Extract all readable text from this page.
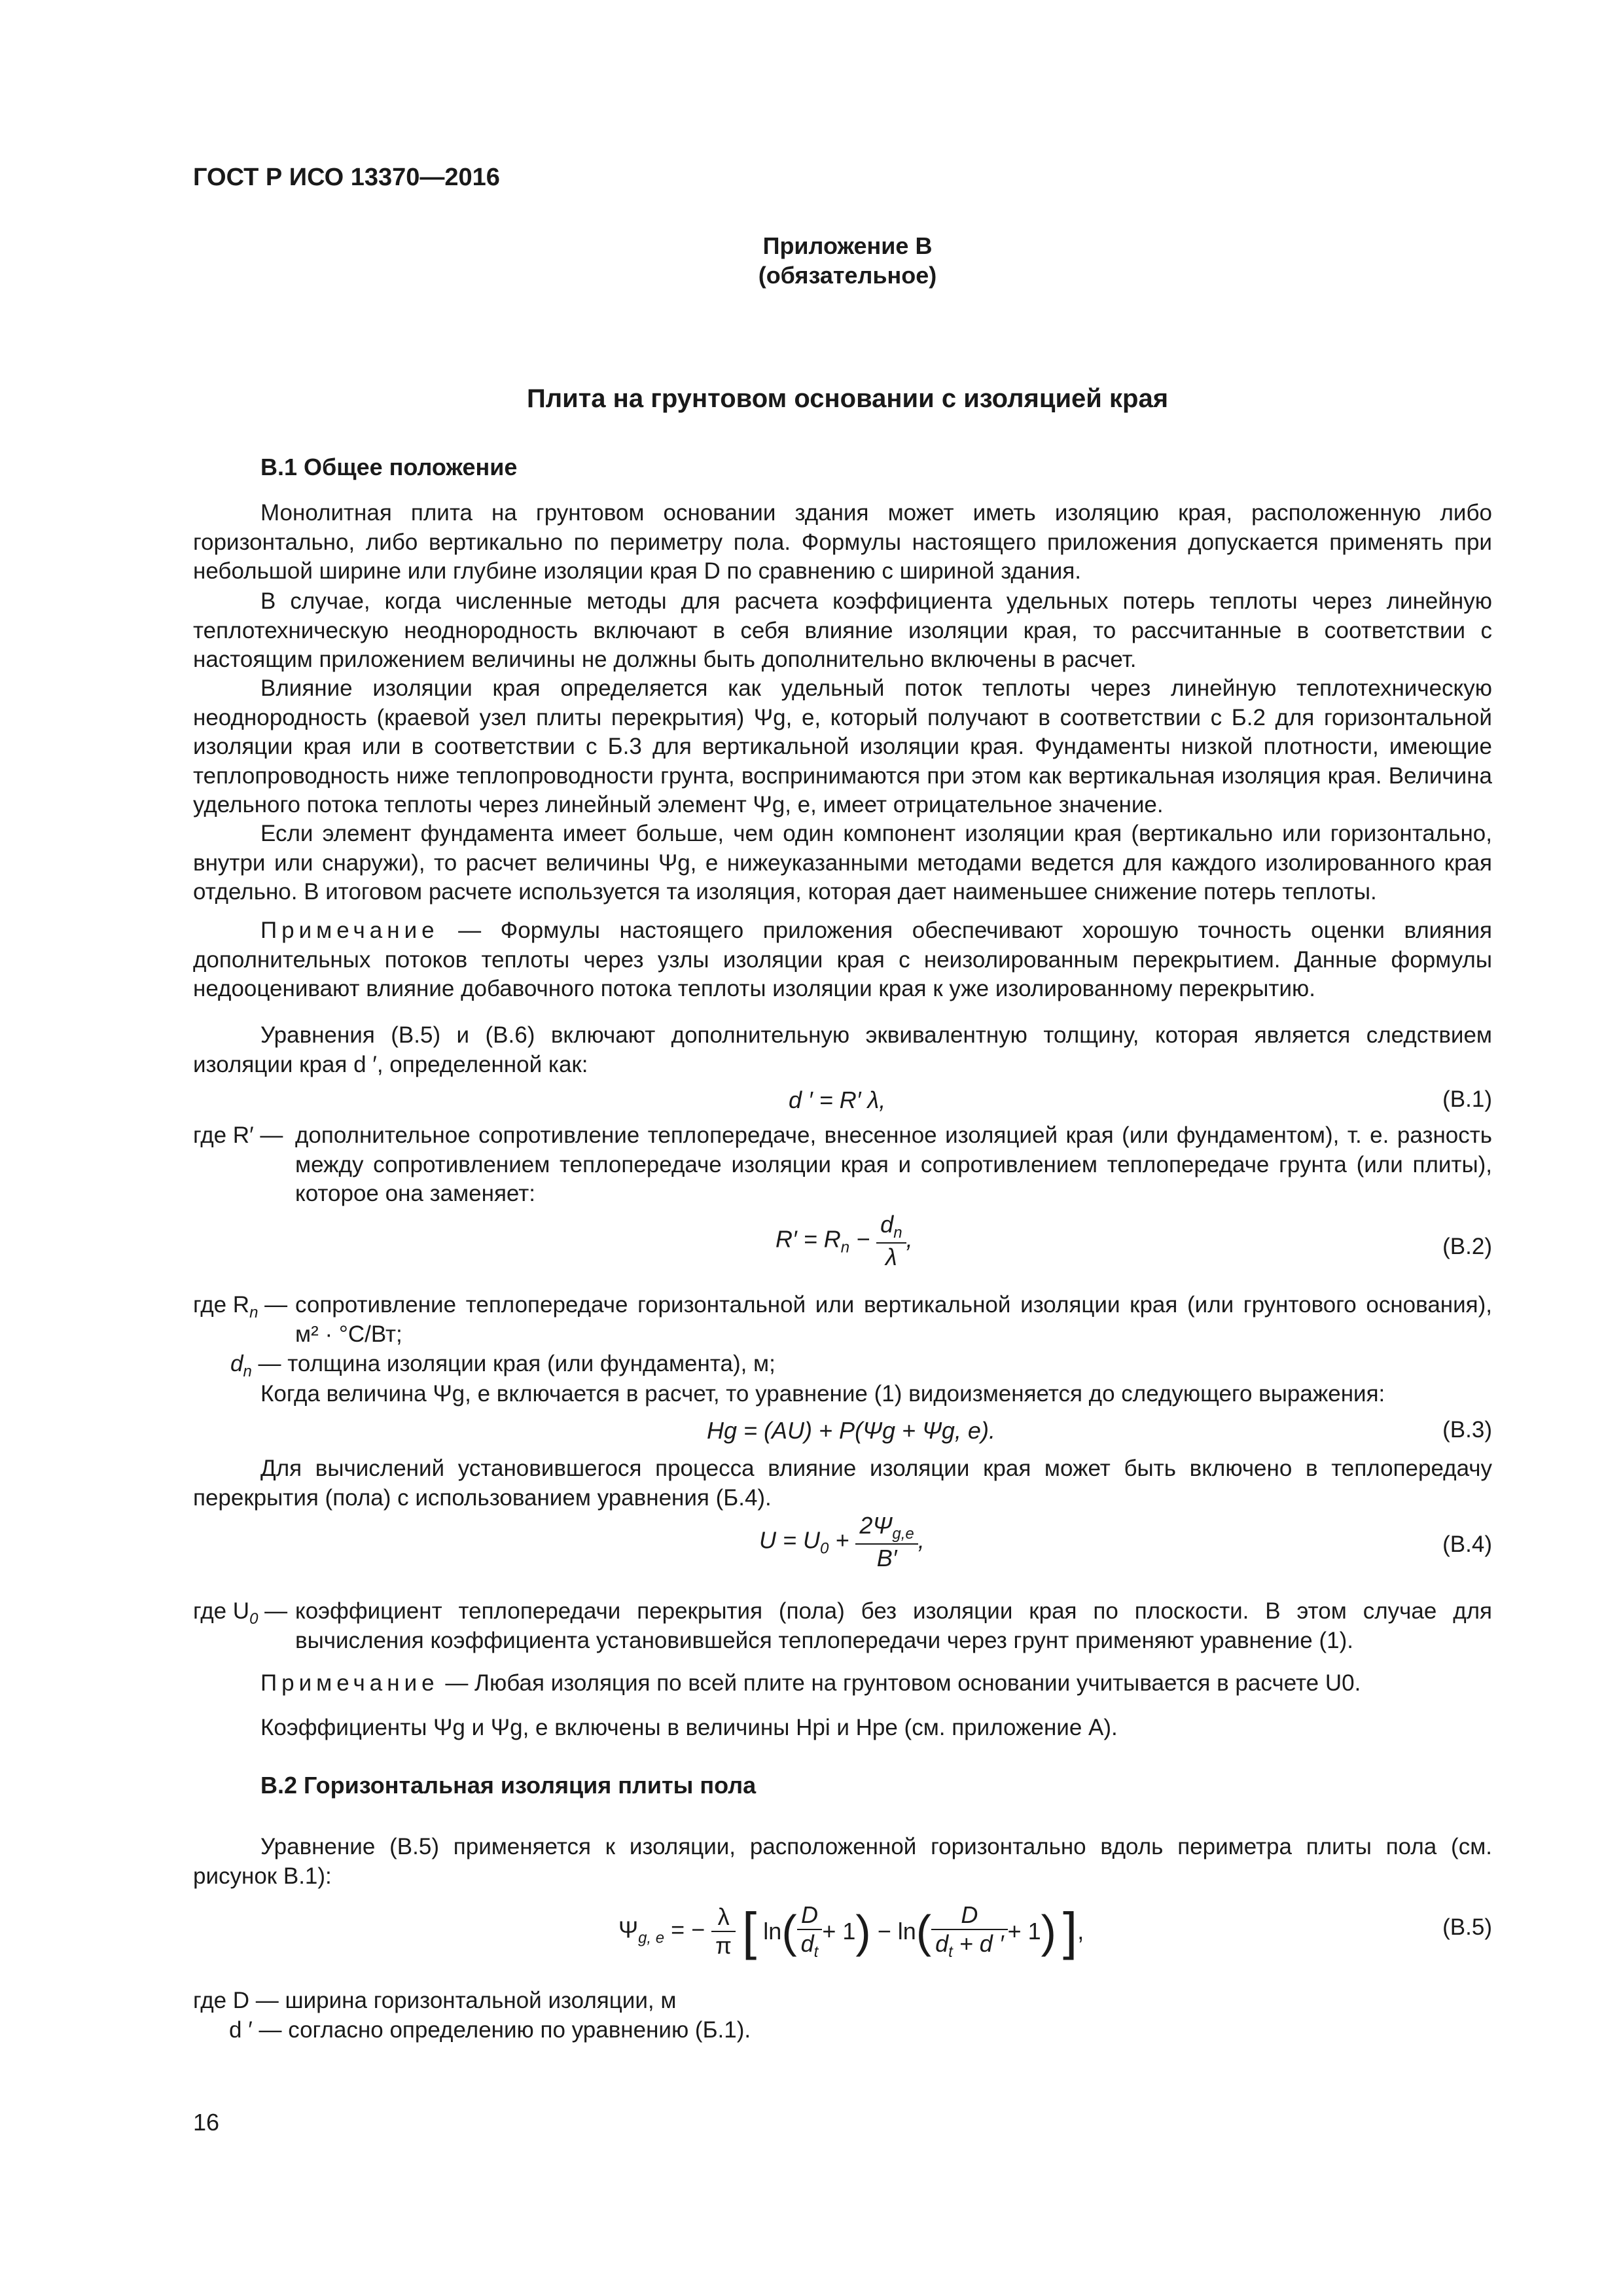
ГОСТ Р ИСО 13370—2016
Приложение В
(обязательное)
Плита на грунтовом основании с изоляцией края
В.1 Общее положение
Монолитная плита на грунтовом основании здания может иметь изоляцию края, расположенную либо горизонтально, либо вертикально по периметру пола. Формулы настоящего приложения допускается применять при небольшой ширине или глубине изоляции края D по сравнению с шириной здания.
В случае, когда численные методы для расчета коэффициента удельных потерь теплоты через линейную теплотехническую неоднородность включают в себя влияние изоляции края, то рассчитанные в соответствии с настоящим приложением величины не должны быть дополнительно включены в расчет.
Влияние изоляции края определяется как удельный поток теплоты через линейную теплотехническую неоднородность (краевой узел плиты перекрытия) Ψg, e, который получают в соответствии с Б.2 для горизонтальной изоляции края или в соответствии с Б.3 для вертикальной изоляции края. Фундаменты низкой плотности, имеющие теплопроводность ниже теплопроводности грунта, воспринимаются при этом как вертикальная изоляция края. Величина удельного потока теплоты через линейный элемент Ψg, e, имеет отрицательное значение.
Если элемент фундамента имеет больше, чем один компонент изоляции края (вертикально или горизонтально, внутри или снаружи), то расчет величины Ψg, e нижеуказанными методами ведется для каждого изолированного края отдельно. В итоговом расчете используется та изоляция, которая дает наименьшее снижение потерь теплоты.
Примечание — Формулы настоящего приложения обеспечивают хорошую точность оценки влияния дополнительных потоков теплоты через узлы изоляции края с неизолированным перекрытием. Данные формулы недооценивают влияние добавочного потока теплоты изоляции края к уже изолированному перекрытию.
Уравнения (В.5) и (В.6) включают дополнительную эквивалентную толщину, которая является следствием изоляции края d ′, определенной как:
d ′ = R′ λ,	(В.1)
где R′ — дополнительное сопротивление теплопередаче, внесенное изоляцией края (или фундаментом), т. е. разность между сопротивлением теплопередаче изоляции края и сопротивлением теплопередаче грунта (или плиты), которое она заменяет:
$R' = R_n - \frac{d_n}{\lambda}$ ,	(В.2)
где $R_n$ — сопротивление теплопередаче горизонтальной или вертикальной изоляции края (или грунтового основания), м² · °С/Вт;
$d_n$ — толщина изоляции края (или фундамента), м;
Когда величина Ψg, e включается в расчет, то уравнение (1) видоизменяется до следующего выражения:
Hg = (AU) + P(Ψg + Ψg, e).	(В.3)
Для вычислений установившегося процесса влияние изоляции края может быть включено в теплопередачу перекрытия (пола) с использованием уравнения (Б.4).
$U = U_0 + \frac{2\Psi_{g,e}}{B'}$ ,	(В.4)
где $U_0$ — коэффициент теплопередачи перекрытия (пола) без изоляции края по плоскости. В этом случае для вычисления коэффициента установившейся теплопередачи через грунт применяют уравнение (1).
Примечание — Любая изоляция по всей плите на грунтовом основании учитывается в расчете U0.
Коэффициенты Ψg и Ψg, e включены в величины Hpi и Hpe (см. приложение А).
В.2 Горизонтальная изоляция плиты пола
Уравнение (В.5) применяется к изоляции, расположенной горизонтально вдоль периметра плиты пола (см. рисунок В.1):
$\Psi_{g, e}$ = − $\frac{\lambda}{\pi}$ [ $\ln( \frac{D}{d_t} + 1) - \ln( \frac{D}{d_t + d '} + 1)$ ],	(В.5)
где D — ширина горизонтальной изоляции, м
d ′ — согласно определению по уравнению (Б.1).
16
